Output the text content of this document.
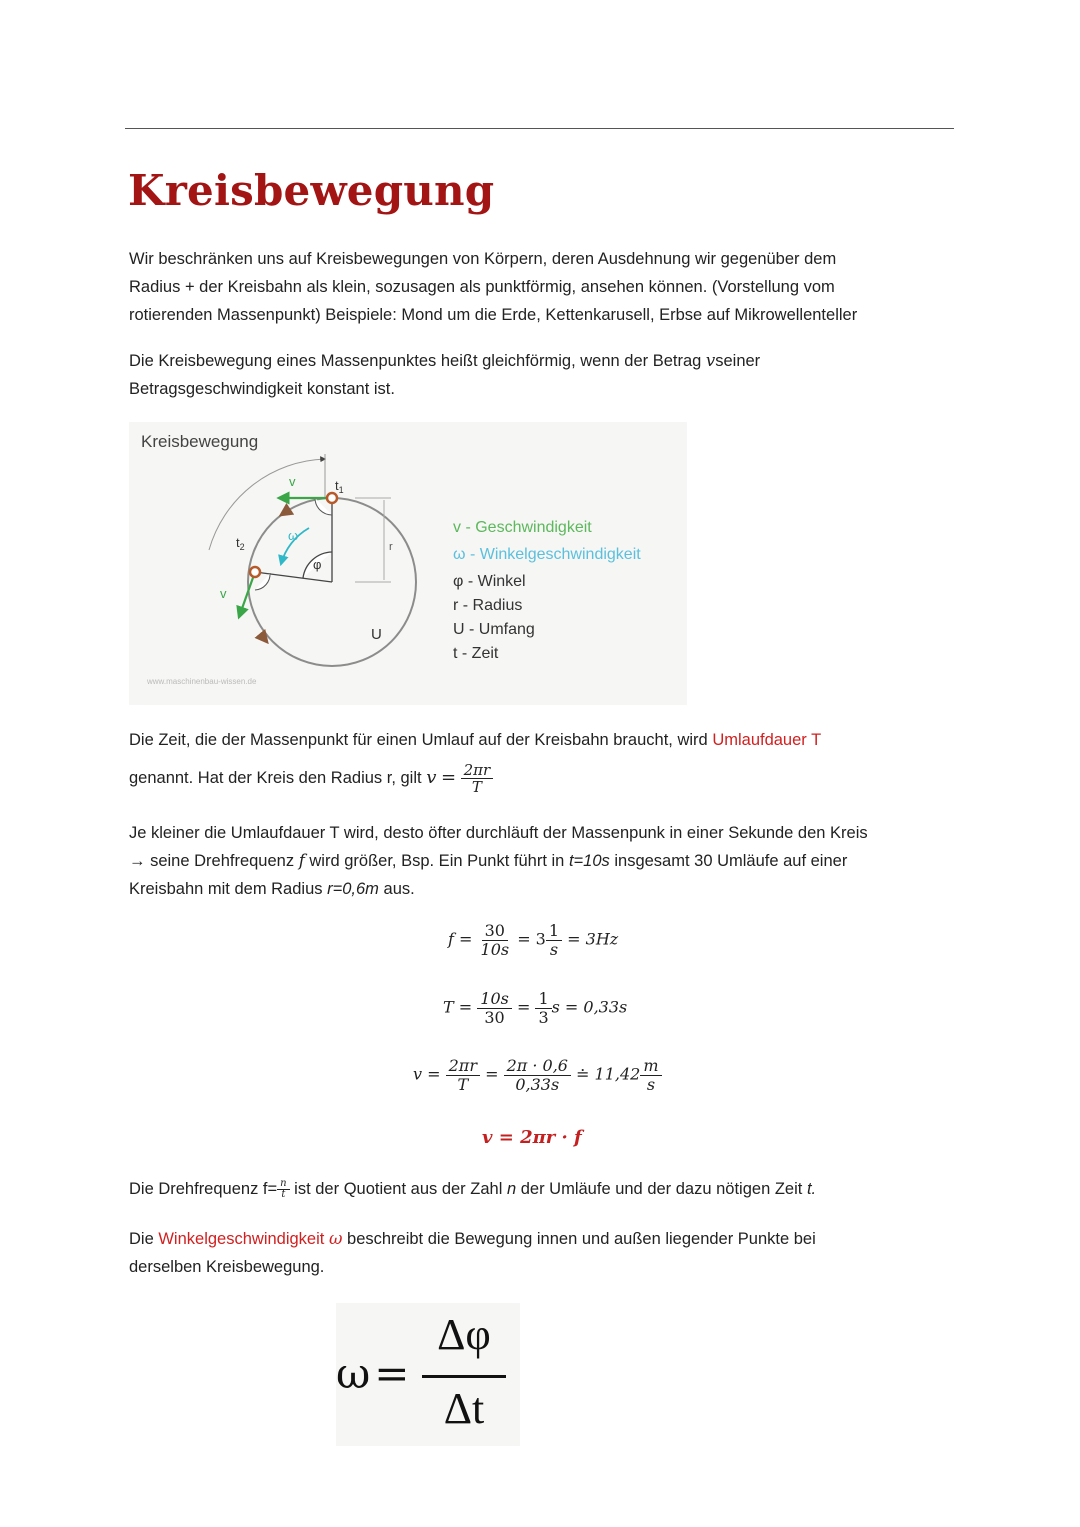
Kreisbewegung
Wir beschränken uns auf Kreisbewegungen von Körpern, deren Ausdehnung wir gegenüber dem
Radius + der Kreisbahn als klein, sozusagen als punktförmig, ansehen können. (Vorstellung vom
rotierenden Massenpunkt) Beispiele: Mond um die Erde, Kettenkarusell, Erbse auf Mikrowellenteller
Die Kreisbewegung eines Massenpunktes heißt gleichförmig, wenn der Betrag vseiner
Betragsgeschwindigkeit konstant ist.
Kreisbewegung
r
φ
ω
v
v
$t_1$
$t_2$
U
v - Geschwindigkeit
ω - Winkelgeschwindigkeit
φ - Winkel
r - Radius
U - Umfang
t - Zeit
www.maschinenbau-wissen.de
Die Zeit, die der Massenpunkt für einen Umlauf auf der Kreisbahn braucht, wird Umlaufdauer T
genannt. Hat der Kreis den Radius r, gilt $v = \frac{2\pi r}{T}$
Je kleiner die Umlaufdauer T wird, desto öfter durchläuft der Massenpunk in einer Sekunde den Kreis
→ seine Drehfrequenz f wird größer, Bsp. Ein Punkt führt in t=10s insgesamt 30 Umläufe auf einer
Kreisbahn mit dem Radius r=0,6m aus.
$f = \frac{30}{10s} = 3 \frac{1}{s} = 3Hz$
$T = \frac{10s}{30} = \frac{1}{3}$ s = 0,33s
$v = \frac{2\pi r}{T} = \frac{2\pi \cdot 0,6}{0,33s}$ ≐ $11,42 \frac{m}{s}$
v = 2πr · f
Die Drehfrequenz $f= \frac{n}{t}$ ist der Quotient aus der Zahl n der Umläufe und der dazu nötigen Zeit t.
Die Winkelgeschwindigkeit ω beschreibt die Bewegung innen und außen liegender Punkte bei
derselben Kreisbewegung.
ω=
Δφ
Δt
